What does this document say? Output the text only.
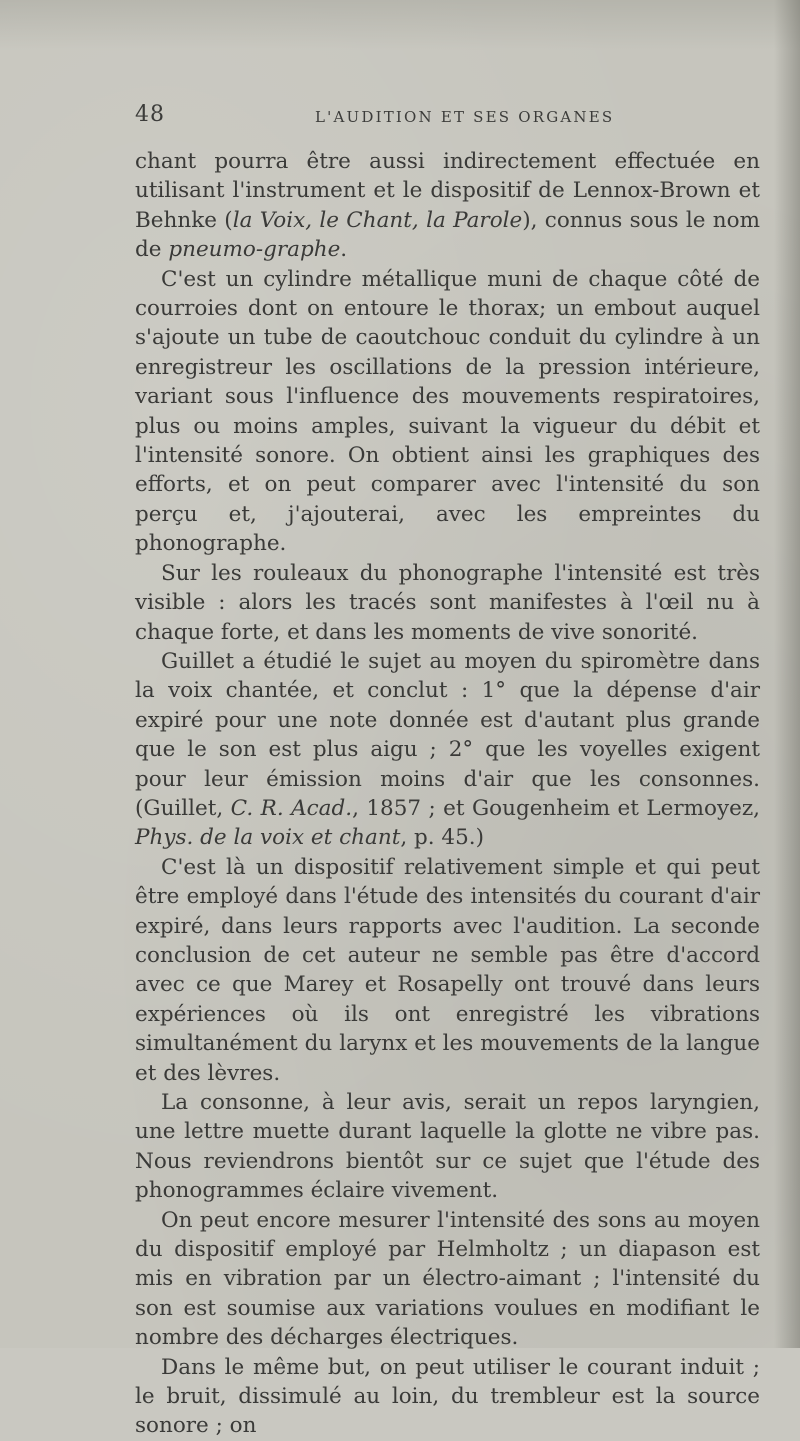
48	L'AUDITION ET SES ORGANES

chant pourra être aussi indirectement effectuée en utilisant l'instrument et le dispositif de Lennox-Brown et Behnke (la Voix, le Chant, la Parole), connus sous le nom de pneumo-graphe.

C'est un cylindre métallique muni de chaque côté de courroies dont on entoure le thorax; un embout auquel s'ajoute un tube de caoutchouc conduit du cylindre à un enregistreur les oscillations de la pression intérieure, variant sous l'influence des mouvements respiratoires, plus ou moins amples, suivant la vigueur du débit et l'intensité sonore. On obtient ainsi les graphiques des efforts, et on peut comparer avec l'intensité du son perçu et, j'ajouterai, avec les empreintes du phonographe.

Sur les rouleaux du phonographe l'intensité est très visible : alors les tracés sont manifestes à l'œil nu à chaque forte, et dans les moments de vive sonorité.

Guillet a étudié le sujet au moyen du spiromètre dans la voix chantée, et conclut : 1° que la dépense d'air expiré pour une note donnée est d'autant plus grande que le son est plus aigu ; 2° que les voyelles exigent pour leur émission moins d'air que les consonnes. (Guillet, C. R. Acad., 1857 ; et Gougenheim et Lermoyez, Phys. de la voix et chant, p. 45.)

C'est là un dispositif relativement simple et qui peut être employé dans l'étude des intensités du courant d'air expiré, dans leurs rapports avec l'audition. La seconde conclusion de cet auteur ne semble pas être d'accord avec ce que Marey et Rosapelly ont trouvé dans leurs expériences où ils ont enregistré les vibrations simultanément du larynx et les mouvements de la langue et des lèvres.

La consonne, à leur avis, serait un repos laryngien, une lettre muette durant laquelle la glotte ne vibre pas. Nous reviendrons bientôt sur ce sujet que l'étude des phonogrammes éclaire vivement.

On peut encore mesurer l'intensité des sons au moyen du dispositif employé par Helmholtz ; un diapason est mis en vibration par un électro-aimant ; l'intensité du son est soumise aux variations voulues en modifiant le nombre des décharges électriques.

Dans le même but, on peut utiliser le courant induit ; le bruit, dissimulé au loin, du trembleur est la source sonore ; on
